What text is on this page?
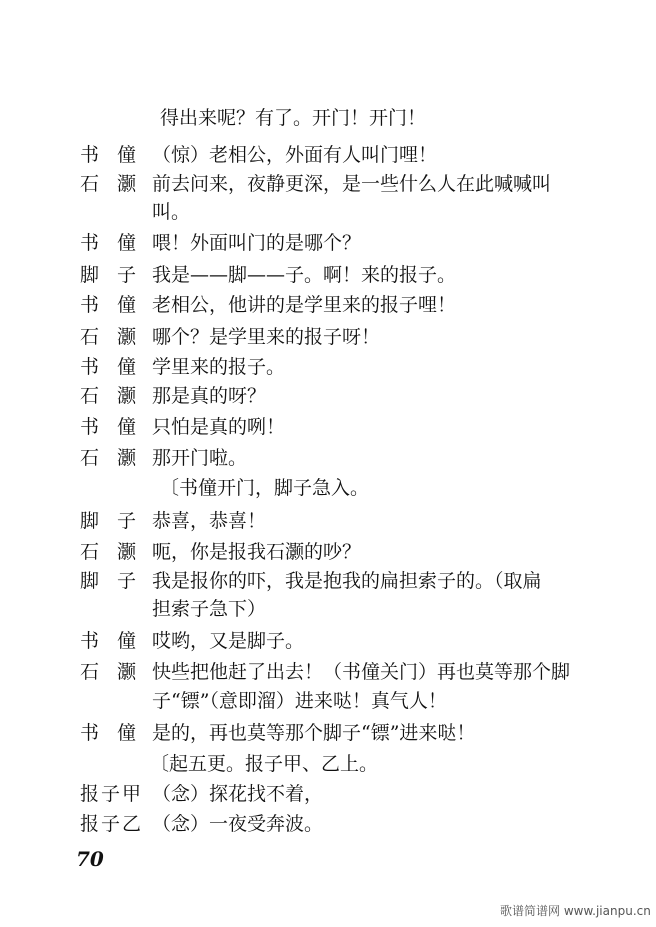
得出来呢？有了。开门！开门！
书僮
（惊）老相公，外面有人叫门哩！
石灏
前去问来，夜静更深，是一些什么人在此喊喊叫
叫。
书僮
喂！外面叫门的是哪个？
脚子
我是——脚——子。啊！来的报子。
书僮
老相公，他讲的是学里来的报子哩！
石灏
哪个？是学里来的报子呀！
书僮
学里来的报子。
石灏
那是真的呀？
书僮
只怕是真的咧！
石灏
那开门啦。
〔书僮开门，脚子急入。
脚子
恭喜，恭喜！
石灏
呃，你是报我石灏的吵？
脚子
我是报你的吓，我是抱我的扁担索子的。（取扁
担索子急下）
书僮
哎哟，又是脚子。
石灏
快些把他赶了出去！（书僮关门）再也莫等那个脚
子“镖”（意即溜）进来哒！真气人！
书僮
是的，再也莫等那个脚子“镖”进来哒！
〔起五更。报子甲、乙上。
报子甲 （念）探花找不着，
报子乙 （念）一夜受奔波。
70
歌谱简谱网 www.jianpu.cn
